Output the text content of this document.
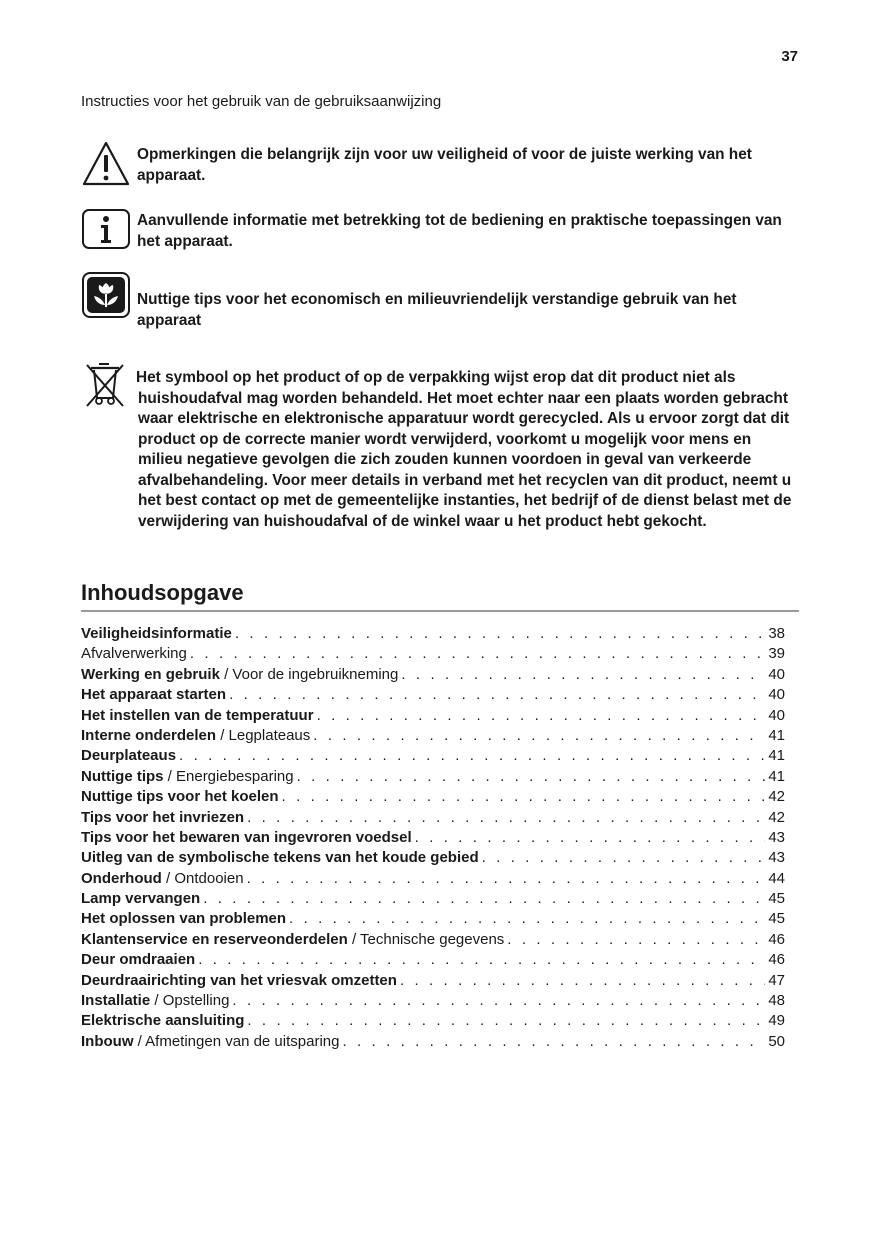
37
Instructies voor het gebruik van de gebruiksaanwijzing
Opmerkingen die belangrijk zijn voor uw veiligheid of voor de juiste werking van het apparaat.
Aanvullende informatie met betrekking tot de bediening en praktische toepassingen van het apparaat.
Nuttige tips voor het economisch en milieuvriendelijk verstandige gebruik van het apparaat
Het symbool op het product of op de verpakking wijst erop dat dit product niet als huishoudafval mag worden behandeld. Het moet echter naar een plaats worden gebracht waar elektrische en elektronische apparatuur wordt gerecycled. Als u ervoor zorgt dat dit product op de correcte manier wordt verwijderd, voorkomt u mogelijk voor mens en milieu negatieve gevolgen die zich zouden kunnen voordoen in geval van verkeerde afvalbehandeling. Voor meer details in verband met het recyclen van dit product, neemt u het best contact op met de gemeentelijke instanties, het bedrijf of de dienst belast met de verwijdering van huishoudafval of de winkel waar u het product hebt gekocht.
Inhoudsopgave
Veiligheidsinformatie . . .	38
Afvalverwerking . . .	39
Werking en gebruik / Voor de ingebruikneming . . .	40
Het apparaat starten . . .	40
Het instellen van de temperatuur . . .	40
Interne onderdelen / Legplateaus . . .	41
Deurplateaus . . .	41
Nuttige tips / Energiebesparing . . .	41
Nuttige tips voor het koelen . . .	42
Tips voor het invriezen . . .	42
Tips voor het bewaren van ingevroren voedsel . . .	43
Uitleg van de symbolische tekens van het koude gebied . . .	43
Onderhoud / Ontdooien . . .	44
Lamp vervangen . . .	45
Het oplossen van problemen . . .	45
Klantenservice en reserveonderdelen / Technische gegevens . . .	46
Deur omdraaien . . .	46
Deurdraairichting van het vriesvak omzetten . . .	47
Installatie / Opstelling . . .	48
Elektrische aansluiting . . .	49
Inbouw / Afmetingen van de uitsparing . . .	50
